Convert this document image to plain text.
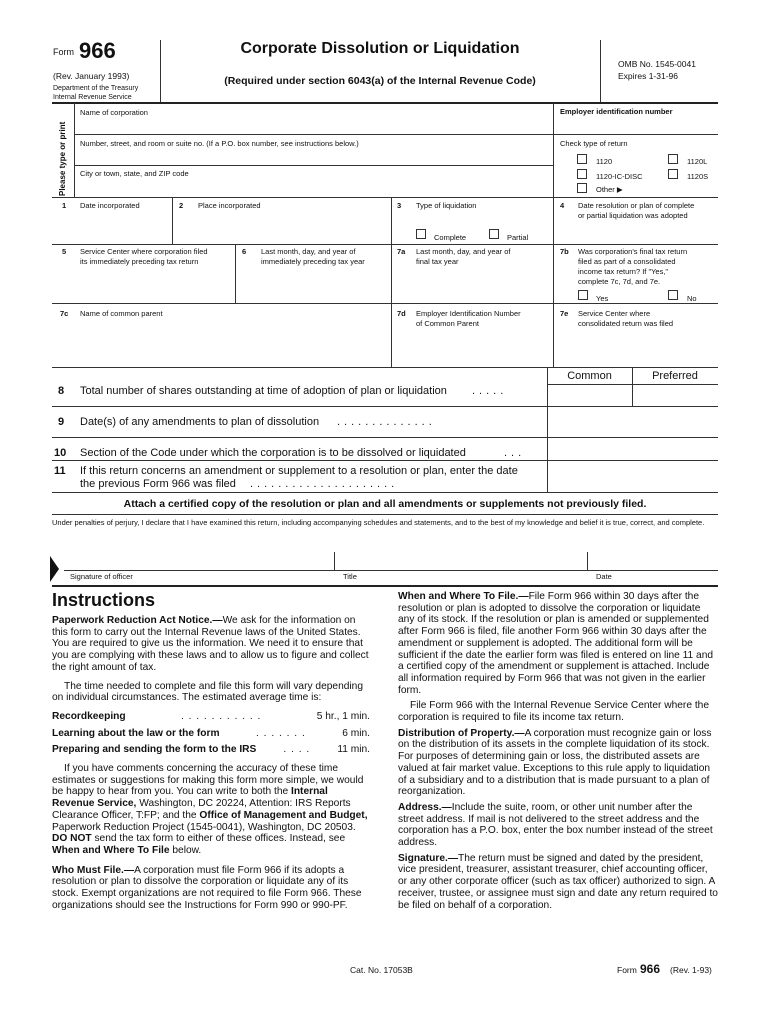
Form 966
(Rev. January 1993)
Department of the Treasury
Internal Revenue Service
Corporate Dissolution or Liquidation
(Required under section 6043(a) of the Internal Revenue Code)
OMB No. 1545-0041
Expires 1-31-96
Please type or print
Name of corporation	Employer identification number
Number, street, and room or suite no. (If a P.O. box number, see instructions below.)	Check type of return
City or town, state, and ZIP code
1120	1120L
1120-IC-DISC	1120S
Other ▶
1 Date incorporated	2 Place incorporated	3 Type of liquidation
Complete	Partial
4 Date resolution or plan of complete
or partial liquidation was adopted
5 Service Center where corporation filed
its immediately preceding tax return
6 Last month, day, and year of
immediately preceding tax year
7a Last month, day, and year of
final tax year
7b Was corporation's final tax return
filed as part of a consolidated
income tax return? If "Yes,"
complete 7c, 7d, and 7e.
Yes	No
7c Name of common parent	7d Employer Identification Number
of Common Parent
7e Service Center where
consolidated return was filed
Common	Preferred
8 Total number of shares outstanding at time of adoption of plan or liquidation .....
9 Date(s) of any amendments to plan of dissolution ..............
10 Section of the Code under which the corporation is to be dissolved or liquidated	...
11 If this return concerns an amendment or supplement to a resolution or plan, enter the date
the previous Form 966 was filed .....................
Attach a certified copy of the resolution or plan and all amendments or supplements not previously filed.
Under penalties of perjury, I declare that I have examined this return, including accompanying schedules and statements, and to the best of my knowledge and belief it is true, correct, and complete.
Signature of officer	Title	Date
Instructions

Paperwork Reduction Act Notice.—We ask for the information on this form to carry out the Internal Revenue laws of the United States. You are required to give us the information. We need it to ensure that you are complying with these laws and to allow us to figure and collect the right amount of tax.

The time needed to complete and file this form will vary depending on individual circumstances. The estimated average time is:

Recordkeeping	. . . . . . . . . . .	5 hr., 1 min.
Learning about the law or the form	. . . . . . .	6 min.
Preparing and sending the form to the IRS	. . . .	11 min.

If you have comments concerning the accuracy of these time estimates or suggestions for making this form more simple, we would be happy to hear from you. You can write to both the Internal Revenue Service, Washington, DC 20224, Attention: IRS Reports Clearance Officer, T:FP; and the Office of Management and Budget, Paperwork Reduction Project (1545-0041), Washington, DC 20503. DO NOT send the tax form to either of these offices. Instead, see When and Where To File below.

Who Must File.—A corporation must file Form 966 if its adopts a resolution or plan to dissolve the corporation or liquidate any of its stock. Exempt organizations are not required to file Form 966. These organizations should see the Instructions for Form 990 or 990-PF.

When and Where To File.—File Form 966 within 30 days after the resolution or plan is adopted to dissolve the corporation or liquidate any of its stock. If the resolution or plan is amended or supplemented after Form 966 is filed, file another Form 966 within 30 days after the amendment or supplement is adopted. The additional form will be sufficient if the date the earlier form was filed is entered on line 11 and a certified copy of the amendment or supplement is attached. Include all information required by Form 966 that was not given in the earlier form.

File Form 966 with the Internal Revenue Service Center where the corporation is required to file its income tax return.

Distribution of Property.—A corporation must recognize gain or loss on the distribution of its assets in the complete liquidation of its stock. For purposes of determining gain or loss, the distributed assets are valued at fair market value. Exceptions to this rule apply to liquidation of a subsidiary and to a distribution that is made pursuant to a plan of reorganization.

Address.—Include the suite, room, or other unit number after the street address. If mail is not delivered to the street address and the corporation has a P.O. box, enter the box number instead of the street address.

Signature.—The return must be signed and dated by the president, vice president, treasurer, assistant treasurer, chief accounting officer, or any other corporate officer (such as tax officer) authorized to sign. A receiver, trustee, or assignee must sign and date any return required to be filed on behalf of a corporation.

Cat. No. 17053B	Form 966 (Rev. 1-93)
